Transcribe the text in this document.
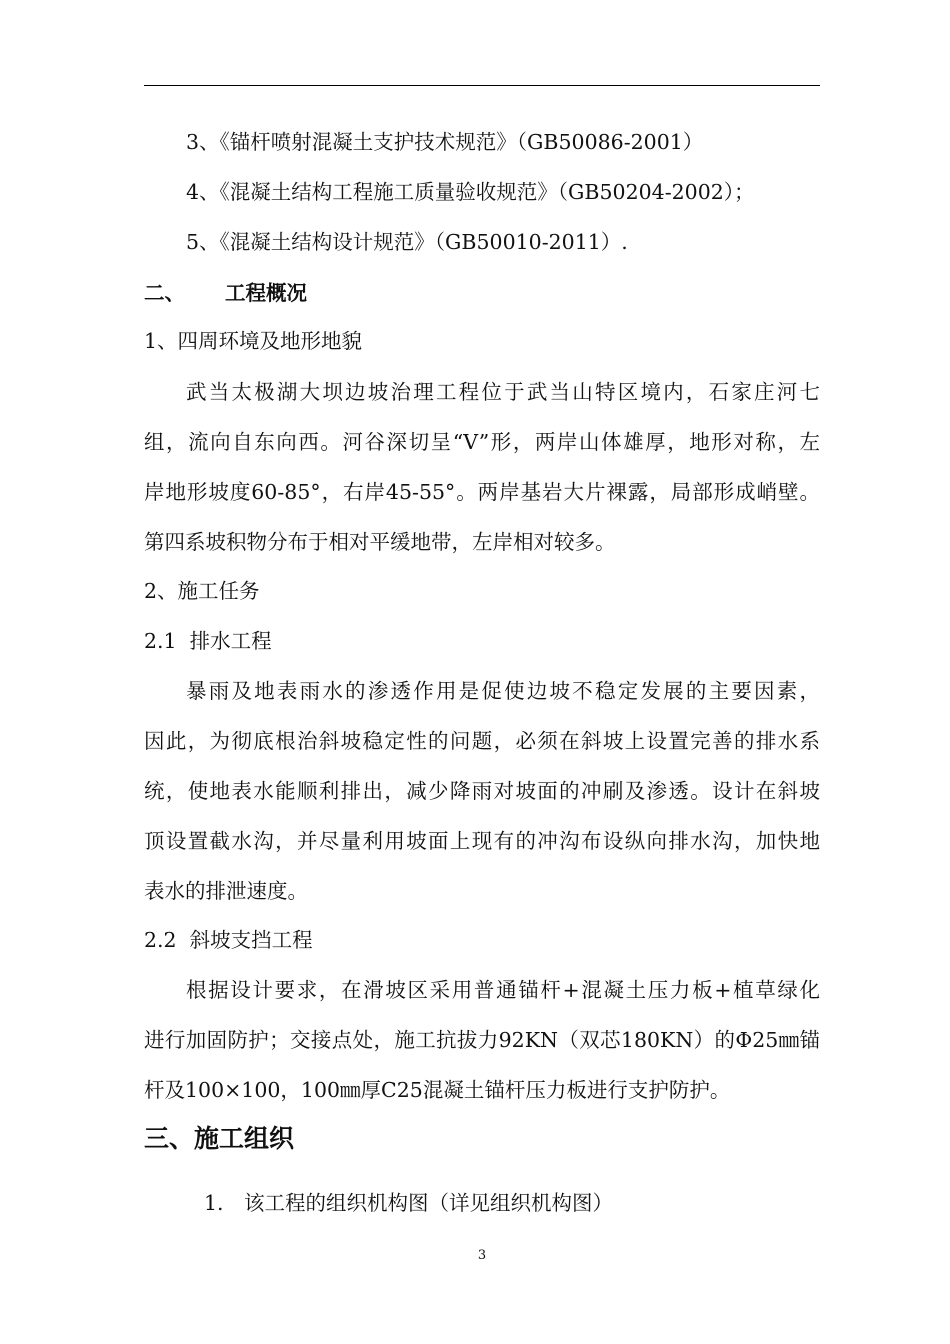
3、《锚杆喷射混凝土支护技术规范》（GB50086-2001）
4、《混凝土结构工程施工质量验收规范》（GB50204-2002）；
5、《混凝土结构设计规范》（GB50010-2011）.
二、 工程概况
1、四周环境及地形地貌
武当太极湖大坝边坡治理工程位于武当山特区境内，石家庄河七
组，流向自东向西。河谷深切呈“V”形，两岸山体雄厚，地形对称，左
岸地形坡度60-85°，右岸45-55°。两岸基岩大片裸露，局部形成峭壁。
第四系坡积物分布于相对平缓地带，左岸相对较多。
2、施工任务
2.1  排水工程
暴雨及地表雨水的渗透作用是促使边坡不稳定发展的主要因素，
因此，为彻底根治斜坡稳定性的问题，必须在斜坡上设置完善的排水系
统，使地表水能顺利排出，减少降雨对坡面的冲刷及渗透。设计在斜坡
顶设置截水沟，并尽量利用坡面上现有的冲沟布设纵向排水沟，加快地
表水的排泄速度。
2.2  斜坡支挡工程
根据设计要求，在滑坡区采用普通锚杆+混凝土压力板+植草绿化
进行加固防护；交接点处，施工抗拔力92KN（双芯180KN）的Φ25㎜锚
杆及100×100，100㎜厚C25混凝土锚杆压力板进行支护防护。
三、施工组织
1. 该工程的组织机构图（详见组织机构图）
3
